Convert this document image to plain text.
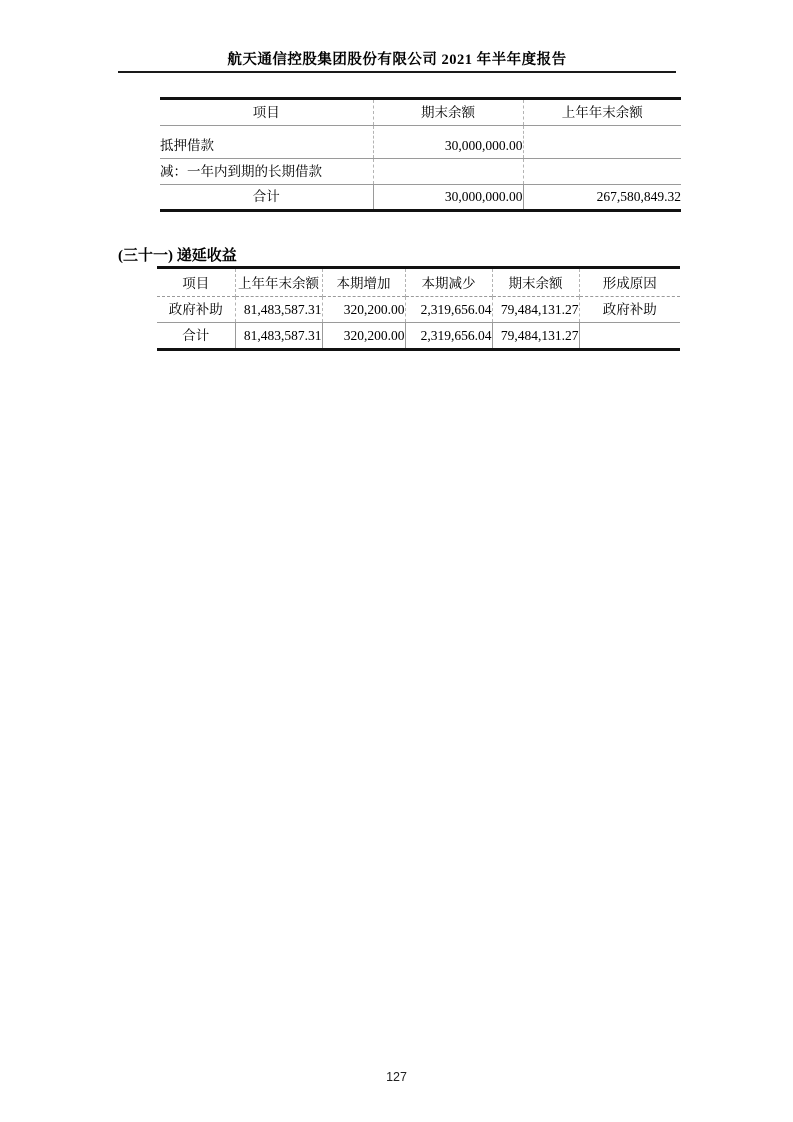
航天通信控股集团股份有限公司 2021 年半年度报告
项目	期末余额	上年年末余额
抵押借款	30,000,000.00	
减：一年内到期的长期借款		
合计	30,000,000.00	267,580,849.32
(三十一) 递延收益
项目	上年年末余额	本期增加	本期减少	期末余额	形成原因
政府补助	81,483,587.31	320,200.00	2,319,656.04	79,484,131.27	政府补助
合计	81,483,587.31	320,200.00	2,319,656.04	79,484,131.27	
127
